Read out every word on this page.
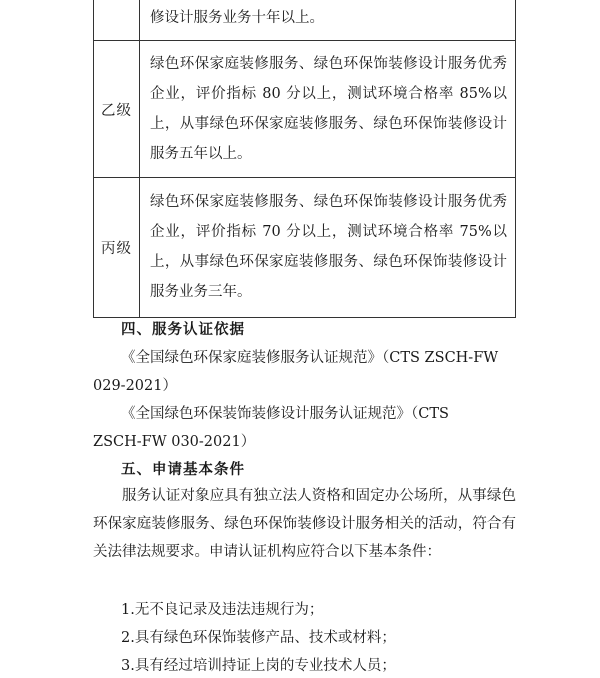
	修设计服务业务十年以上。
乙级	绿色环保家庭装修服务、绿色环保饰装修设计服务优秀企业，评价指标 80 分以上，测试环境合格率 85%以上，从事绿色环保家庭装修服务、绿色环保饰装修设计服务五年以上。
丙级	绿色环保家庭装修服务、绿色环保饰装修设计服务优秀企业，评价指标 70 分以上，测试环境合格率 75%以上，从事绿色环保家庭装修服务、绿色环保饰装修设计服务业务三年。
四、服务认证依据
《全国绿色环保家庭装修服务认证规范》（CTS ZSCH-FW
029-2021）
《全国绿色环保装饰装修设计服务认证规范》（CTS
ZSCH-FW 030-2021）
五、申请基本条件
服务认证对象应具有独立法人资格和固定办公场所，从事绿色环保家庭装修服务、绿色环保饰装修设计服务相关的活动，符合有关法律法规要求。申请认证机构应符合以下基本条件：
1.无不良记录及违法违规行为；
2.具有绿色环保饰装修产品、技术或材料；
3.具有经过培训持证上岗的专业技术人员；
